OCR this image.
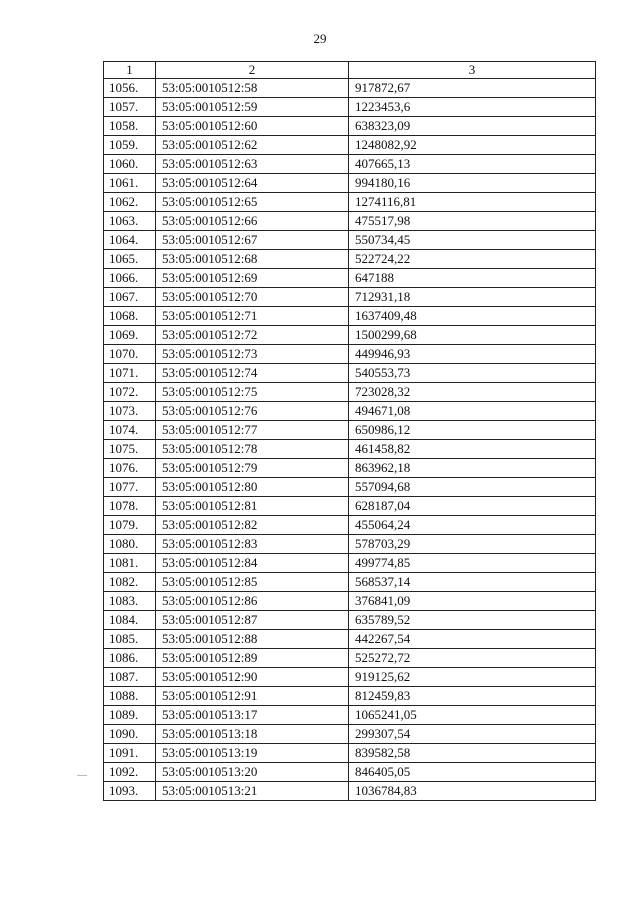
29
1	2	3
1056.	53:05:0010512:58	917872,67
1057.	53:05:0010512:59	1223453,6
1058.	53:05:0010512:60	638323,09
1059.	53:05:0010512:62	1248082,92
1060.	53:05:0010512:63	407665,13
1061.	53:05:0010512:64	994180,16
1062.	53:05:0010512:65	1274116,81
1063.	53:05:0010512:66	475517,98
1064.	53:05:0010512:67	550734,45
1065.	53:05:0010512:68	522724,22
1066.	53:05:0010512:69	647188
1067.	53:05:0010512:70	712931,18
1068.	53:05:0010512:71	1637409,48
1069.	53:05:0010512:72	1500299,68
1070.	53:05:0010512:73	449946,93
1071.	53:05:0010512:74	540553,73
1072.	53:05:0010512:75	723028,32
1073.	53:05:0010512:76	494671,08
1074.	53:05:0010512:77	650986,12
1075.	53:05:0010512:78	461458,82
1076.	53:05:0010512:79	863962,18
1077.	53:05:0010512:80	557094,68
1078.	53:05:0010512:81	628187,04
1079.	53:05:0010512:82	455064,24
1080.	53:05:0010512:83	578703,29
1081.	53:05:0010512:84	499774,85
1082.	53:05:0010512:85	568537,14
1083.	53:05:0010512:86	376841,09
1084.	53:05:0010512:87	635789,52
1085.	53:05:0010512:88	442267,54
1086.	53:05:0010512:89	525272,72
1087.	53:05:0010512:90	919125,62
1088.	53:05:0010512:91	812459,83
1089.	53:05:0010513:17	1065241,05
1090.	53:05:0010513:18	299307,54
1091.	53:05:0010513:19	839582,58
1092.	53:05:0010513:20	846405,05
1093.	53:05:0010513:21	1036784,83
